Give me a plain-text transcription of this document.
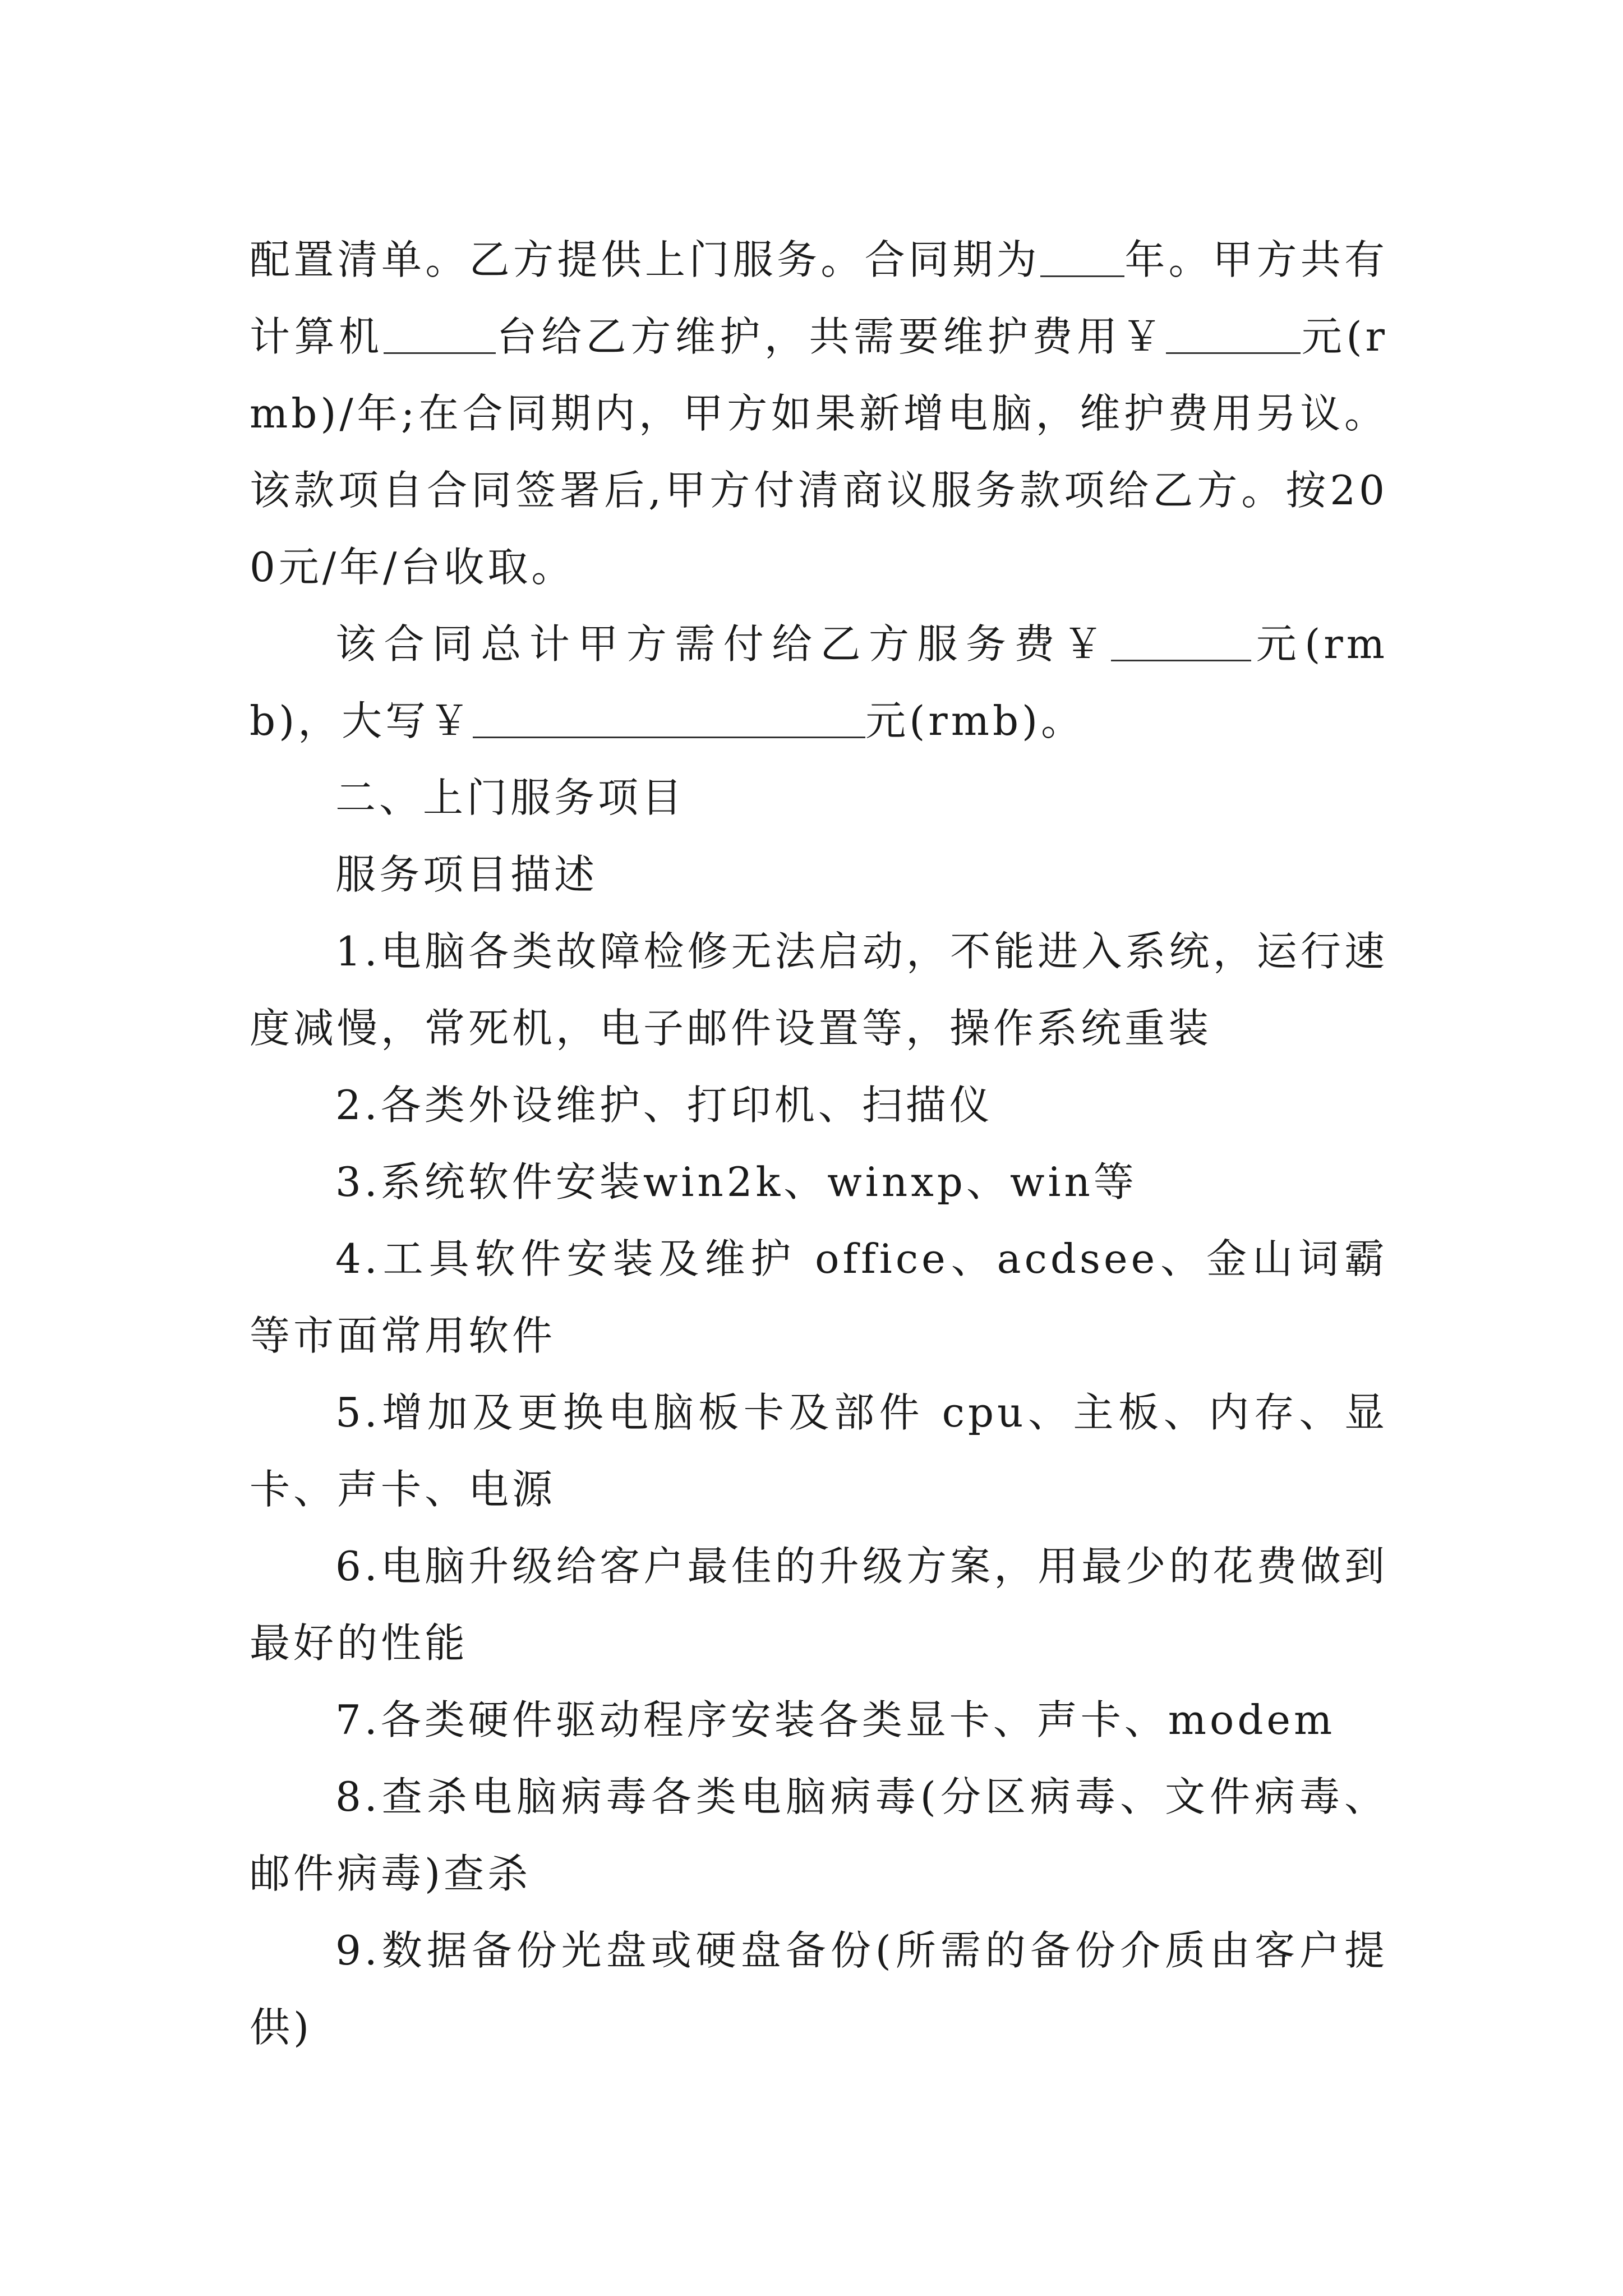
配置清单。乙方提供上门服务。合同期为 年。甲方共有计算机	台给乙方维护，共需要维护费用￥	元(rmb)/年;在合同期内，甲方如果新增电脑，维护费用另议。该款项自合同签署后,甲方付清商议服务款项给乙方。按200元/年/台收取。

该合同总计甲方需付给乙方服务费￥	元(rmb)，大写￥	元(rmb)。

二、上门服务项目

服务项目描述

1.电脑各类故障检修无法启动，不能进入系统，运行速度减慢，常死机，电子邮件设置等，操作系统重装

2.各类外设维护、打印机、扫描仪

3.系统软件安装win2k、winxp、win等

4.工具软件安装及维护 office、acdsee、金山词霸等市面常用软件

5.增加及更换电脑板卡及部件 cpu、主板、内存、显卡、声卡、电源

6.电脑升级给客户最佳的升级方案，用最少的花费做到最好的性能

7.各类硬件驱动程序安装各类显卡、声卡、modem

8.查杀电脑病毒各类电脑病毒(分区病毒、文件病毒、邮件病毒)查杀

9.数据备份光盘或硬盘备份(所需的备份介质由客户提供)
